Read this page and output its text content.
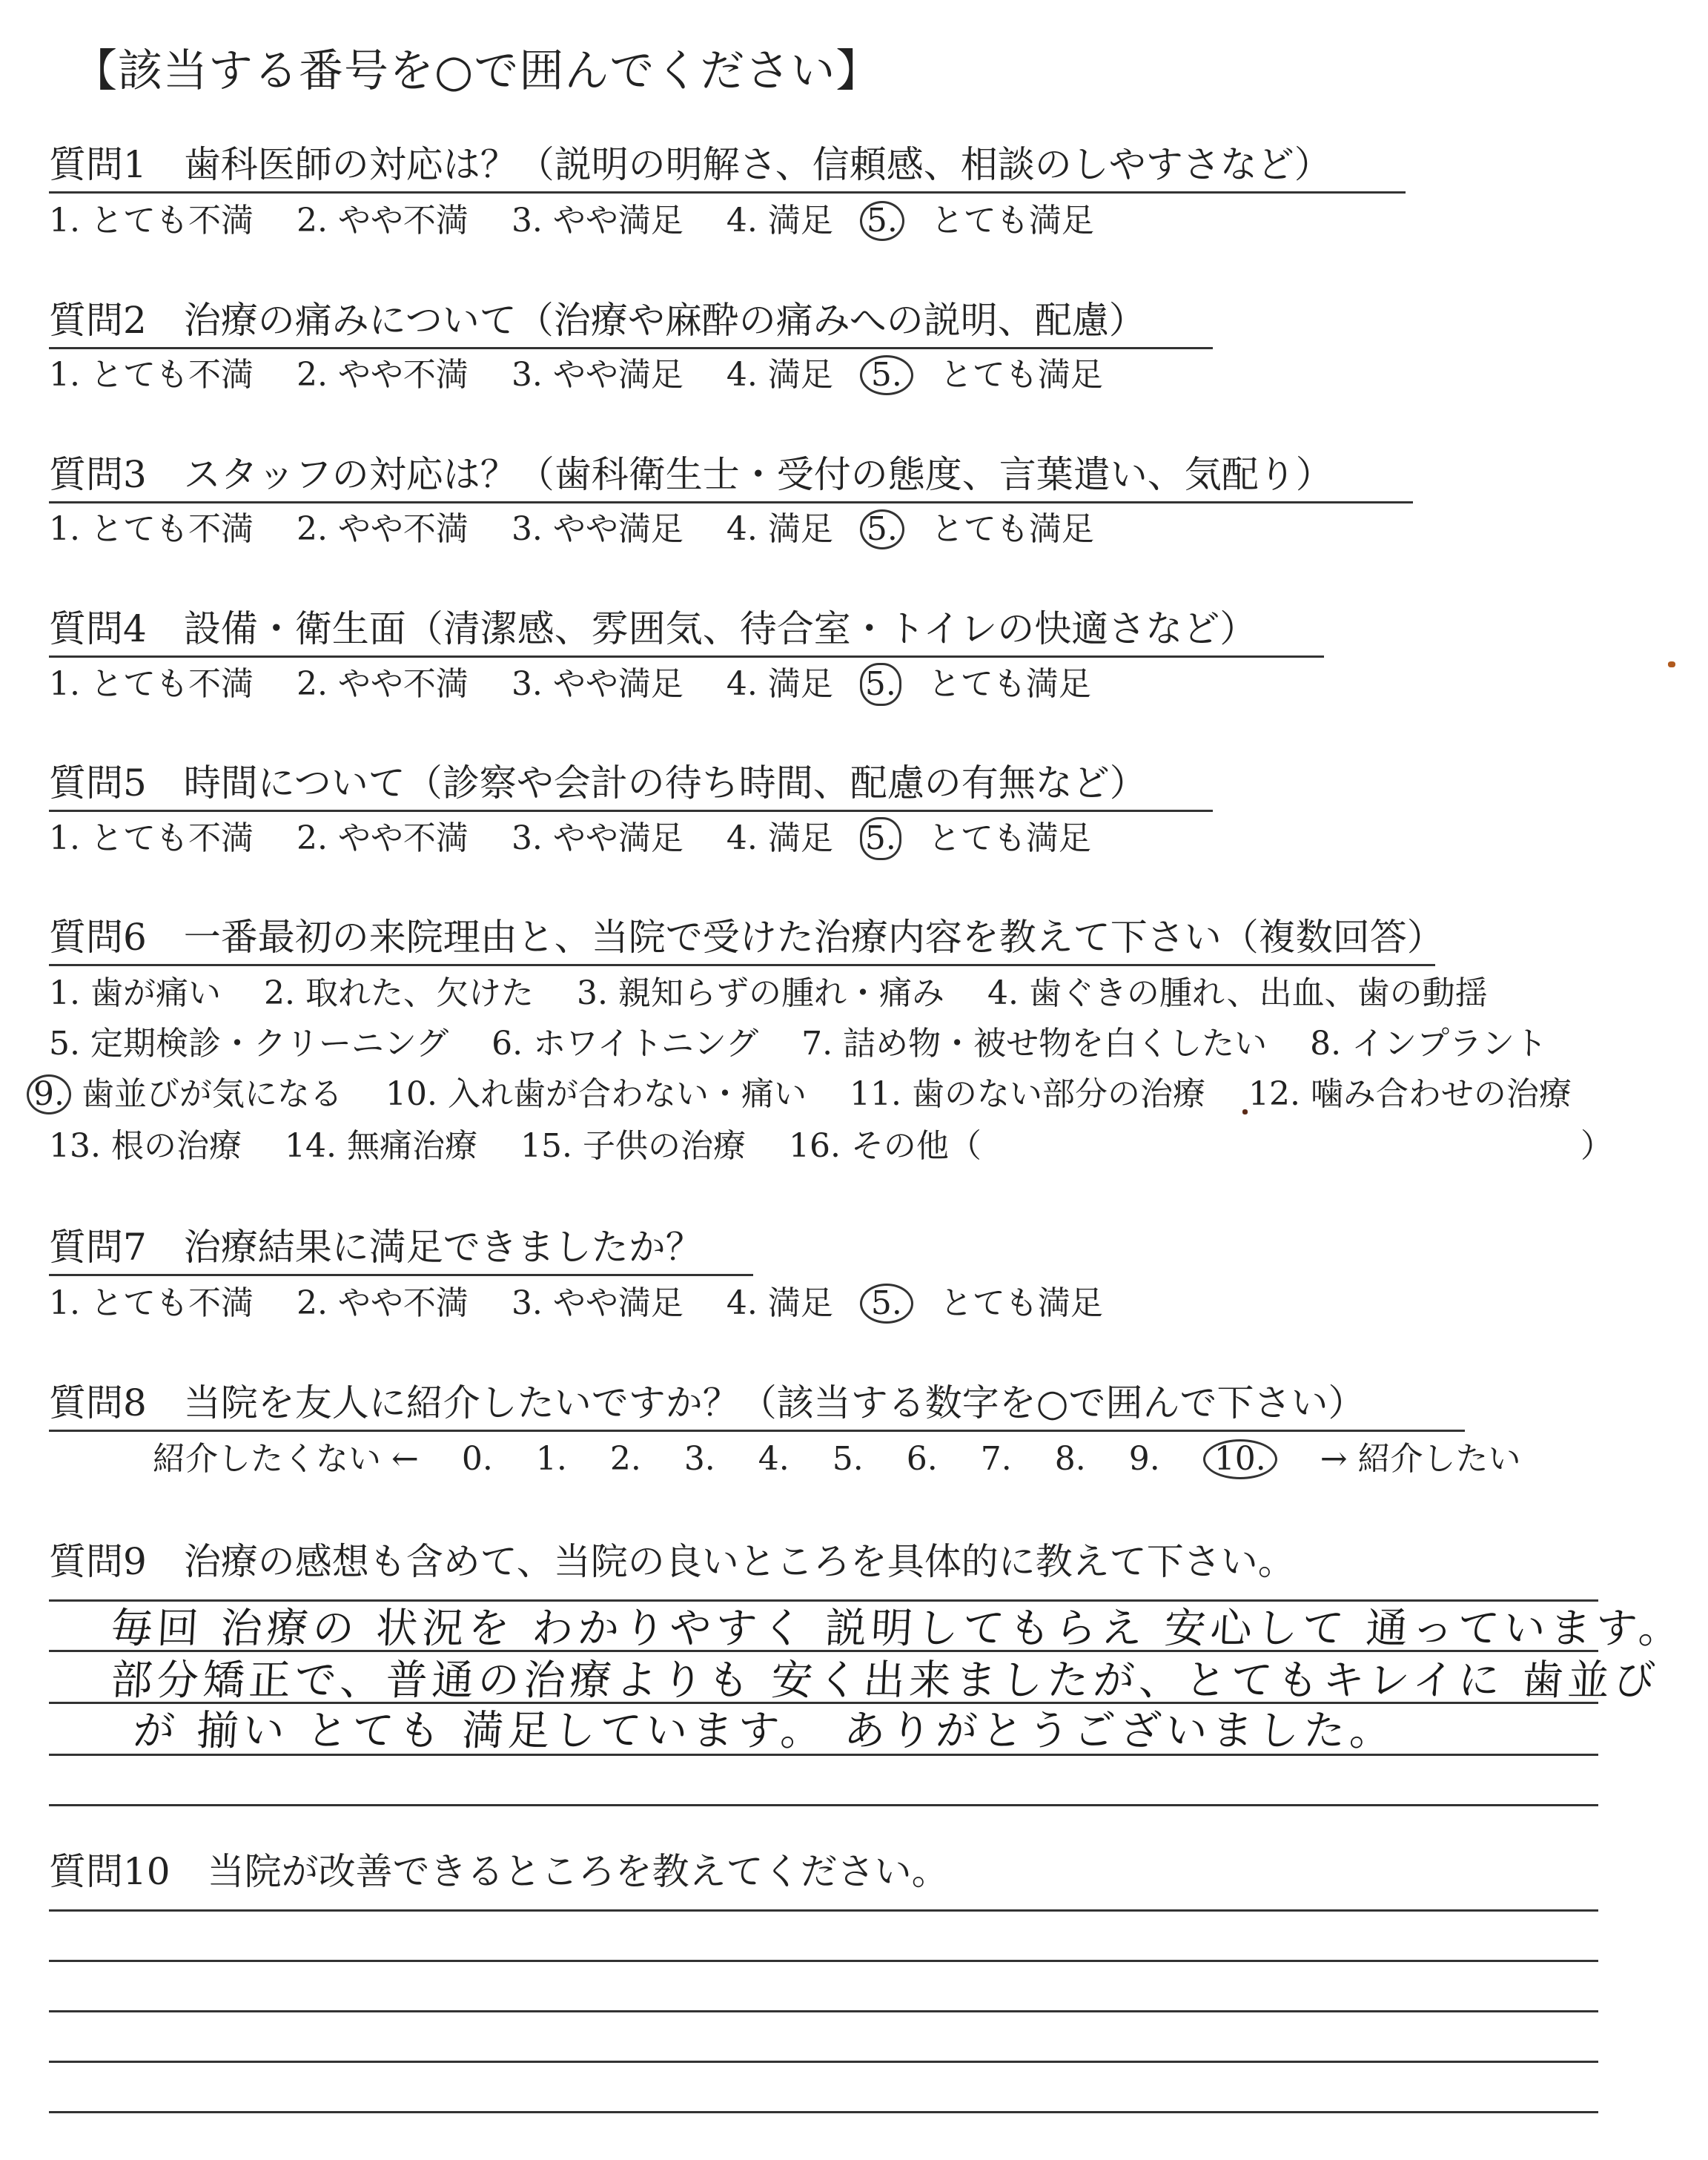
【該当する番号を○で囲んでください】
質問1　歯科医師の対応は？（説明の明解さ、信頼感、相談のしやすさなど）
1. とても不満  2. やや不満  3. やや満足  4. 満足  5.  とても満足
質問2　治療の痛みについて（治療や麻酔の痛みへの説明、配慮）
1. とても不満  2. やや不満  3. やや満足  4. 満足  5.  とても満足
質問3　スタッフの対応は？（歯科衛生士・受付の態度、言葉遣い、気配り）
1. とても不満  2. やや不満  3. やや満足  4. 満足  5.  とても満足
質問4　設備・衛生面（清潔感、雰囲気、待合室・トイレの快適さなど）
1. とても不満  2. やや不満  3. やや満足  4. 満足  5.  とても満足
質問5　時間について（診察や会計の待ち時間、配慮の有無など）
1. とても不満  2. やや不満  3. やや満足  4. 満足  5.  とても満足
質問6　一番最初の来院理由と、当院で受けた治療内容を教えて下さい（複数回答）
1. 歯が痛い  2. 取れた、欠けた  3. 親知らずの腫れ・痛み  4. 歯ぐきの腫れ、出血、歯の動揺
5. 定期検診・クリーニング  6. ホワイトニング  7. 詰め物・被せ物を白くしたい  8. インプラント
9. 歯並びが気になる  10. 入れ歯が合わない・痛い  11. 歯のない部分の治療  12. 噛み合わせの治療
13. 根の治療  14. 無痛治療  15. 子供の治療  16. その他（	）
質問7　治療結果に満足できましたか？
1. とても不満  2. やや不満  3. やや満足  4. 満足  5.  とても満足
質問8　当院を友人に紹介したいですか？（該当する数字を○で囲んで下さい）
紹介したくない ←  0.  1.  2.  3.  4.  5.  6.  7.  8.  9.  10.  → 紹介したい
質問9　治療の感想も含めて、当院の良いところを具体的に教えて下さい。
毎回 治療の 状況を わかりやすく 説明してもらえ 安心して 通っています。
部分矯正で、普通の治療よりも 安く出来ましたが、とてもキレイに 歯並び
が 揃い とても 満足しています。 ありがとうございました。
質問10　当院が改善できるところを教えてください。
